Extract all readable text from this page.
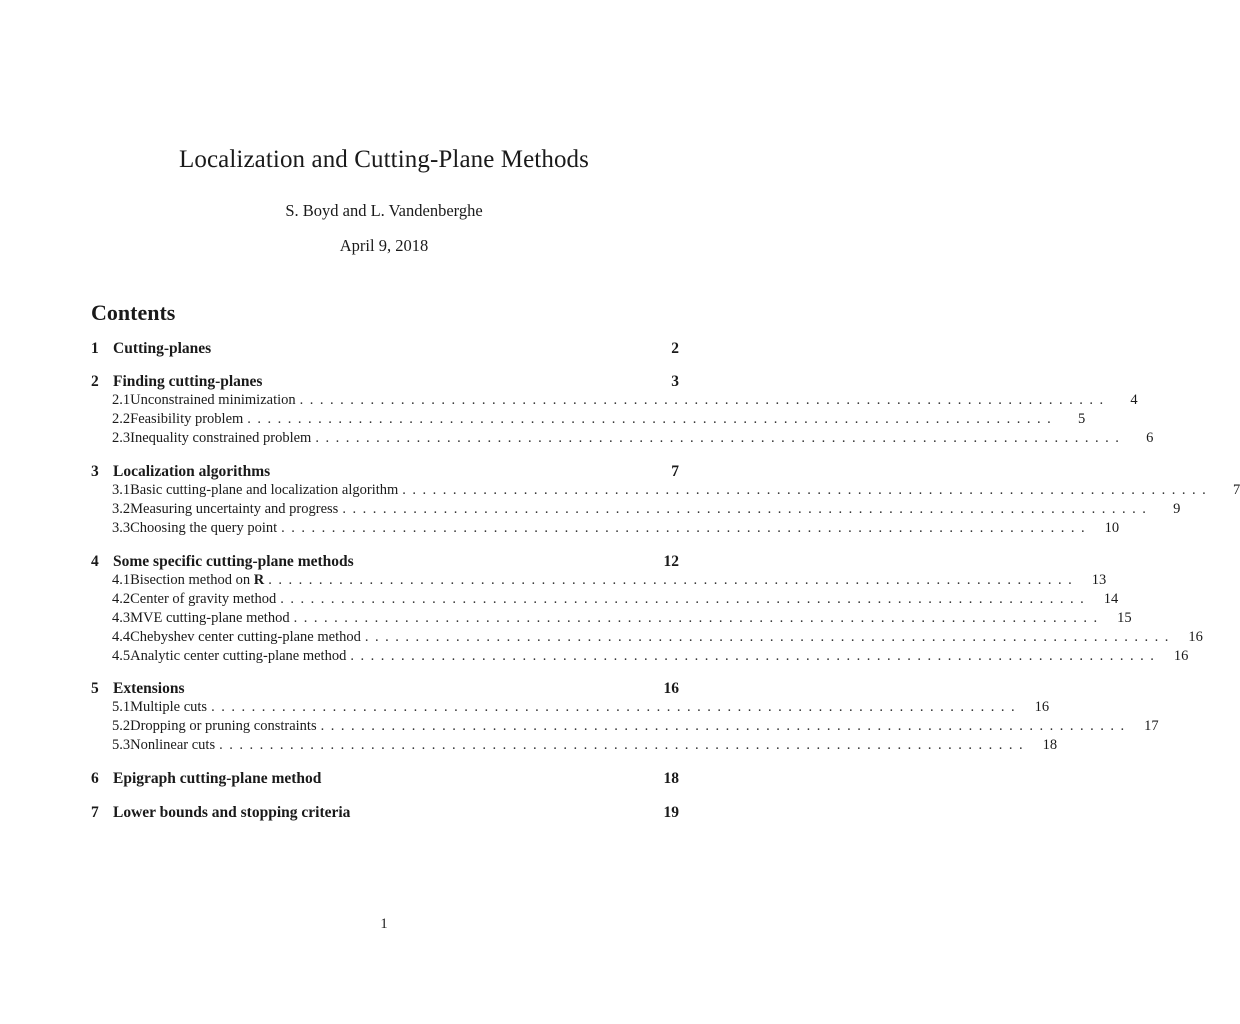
Localization and Cutting-Plane Methods
S. Boyd and L. Vandenberghe
April 9, 2018
Contents
1 Cutting-planes	2
2 Finding cutting-planes	3
2.1 Unconstrained minimization ................................................................................	4
2.2 Feasibility problem ................................................................................	5
2.3 Inequality constrained problem ................................................................................	6
3 Localization algorithms	7
3.1 Basic cutting-plane and localization algorithm ................................................................................	7
3.2 Measuring uncertainty and progress ................................................................................	9
3.3 Choosing the query point ................................................................................ 10
4 Some specific cutting-plane methods	12
4.1 Bisection method on R ................................................................................ 13
4.2 Center of gravity method ................................................................................ 14
4.3 MVE cutting-plane method ................................................................................ 15
4.4 Chebyshev center cutting-plane method ................................................................................ 16
4.5 Analytic center cutting-plane method ................................................................................ 16
5 Extensions	16
5.1 Multiple cuts ................................................................................ 16
5.2 Dropping or pruning constraints ................................................................................ 17
5.3 Nonlinear cuts ................................................................................ 18
6 Epigraph cutting-plane method	18
7 Lower bounds and stopping criteria	19
1
